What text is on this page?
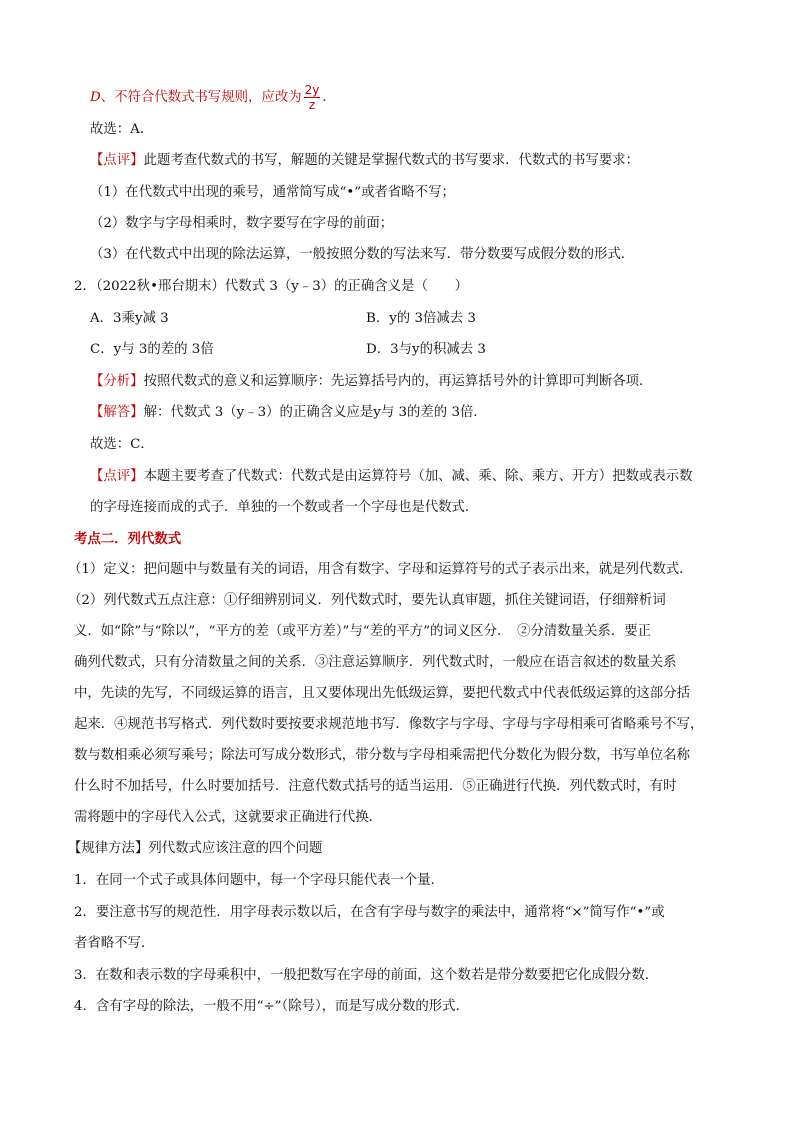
D、不符合代数式书写规则，应改为 $\frac{2y}{z}$ ．
故选：A．
【点评】此题考查代数式的书写，解题的关键是掌握代数式的书写要求．代数式的书写要求：
（1）在代数式中出现的乘号，通常简写成“•”或者省略不写；
（2）数字与字母相乘时，数字要写在字母的前面；
（3）在代数式中出现的除法运算，一般按照分数的写法来写．带分数要写成假分数的形式．
2．（2022秋•邢台期末）代数式 3（y﹣3）的正确含义是（　　）
A．3乘y减 3	B．y的 3倍减去 3
C．y与 3的差的 3倍	D．3与y的积减去 3
【分析】按照代数式的意义和运算顺序：先运算括号内的，再运算括号外的计算即可判断各项．
【解答】解：代数式 3（y﹣3）的正确含义应是y与 3的差的 3倍．
故选：C．
【点评】本题主要考查了代数式：代数式是由运算符号（加、减、乘、除、乘方、开方）把数或表示数
的字母连接而成的式子．单独的一个数或者一个字母也是代数式．
考点二．列代数式
（1）定义：把问题中与数量有关的词语，用含有数字、字母和运算符号的式子表示出来，就是列代数式．
（2）列代数式五点注意：①仔细辨别词义．列代数式时，要先认真审题，抓住关键词语，仔细辩析词
义．如“除”与“除以”，“平方的差（或平方差）”与“差的平方”的词义区分．　②分清数量关系．要正
确列代数式，只有分清数量之间的关系．③注意运算顺序．列代数式时，一般应在语言叙述的数量关系
中，先读的先写，不同级运算的语言，且又要体现出先低级运算，要把代数式中代表低级运算的这部分括
起来．④规范书写格式．列代数时要按要求规范地书写．像数字与字母、字母与字母相乘可省略乘号不写，
数与数相乘必须写乘号；除法可写成分数形式，带分数与字母相乘需把代分数化为假分数，书写单位名称
什么时不加括号，什么时要加括号．注意代数式括号的适当运用．⑤正确进行代换．列代数式时，有时
需将题中的字母代入公式，这就要求正确进行代换．
【规律方法】列代数式应该注意的四个问题
1．在同一个式子或具体问题中，每一个字母只能代表一个量．
2．要注意书写的规范性．用字母表示数以后，在含有字母与数字的乘法中，通常将“×”简写作“•”或
者省略不写．
3．在数和表示数的字母乘积中，一般把数写在字母的前面，这个数若是带分数要把它化成假分数．
4．含有字母的除法，一般不用“÷”（除号），而是写成分数的形式．
